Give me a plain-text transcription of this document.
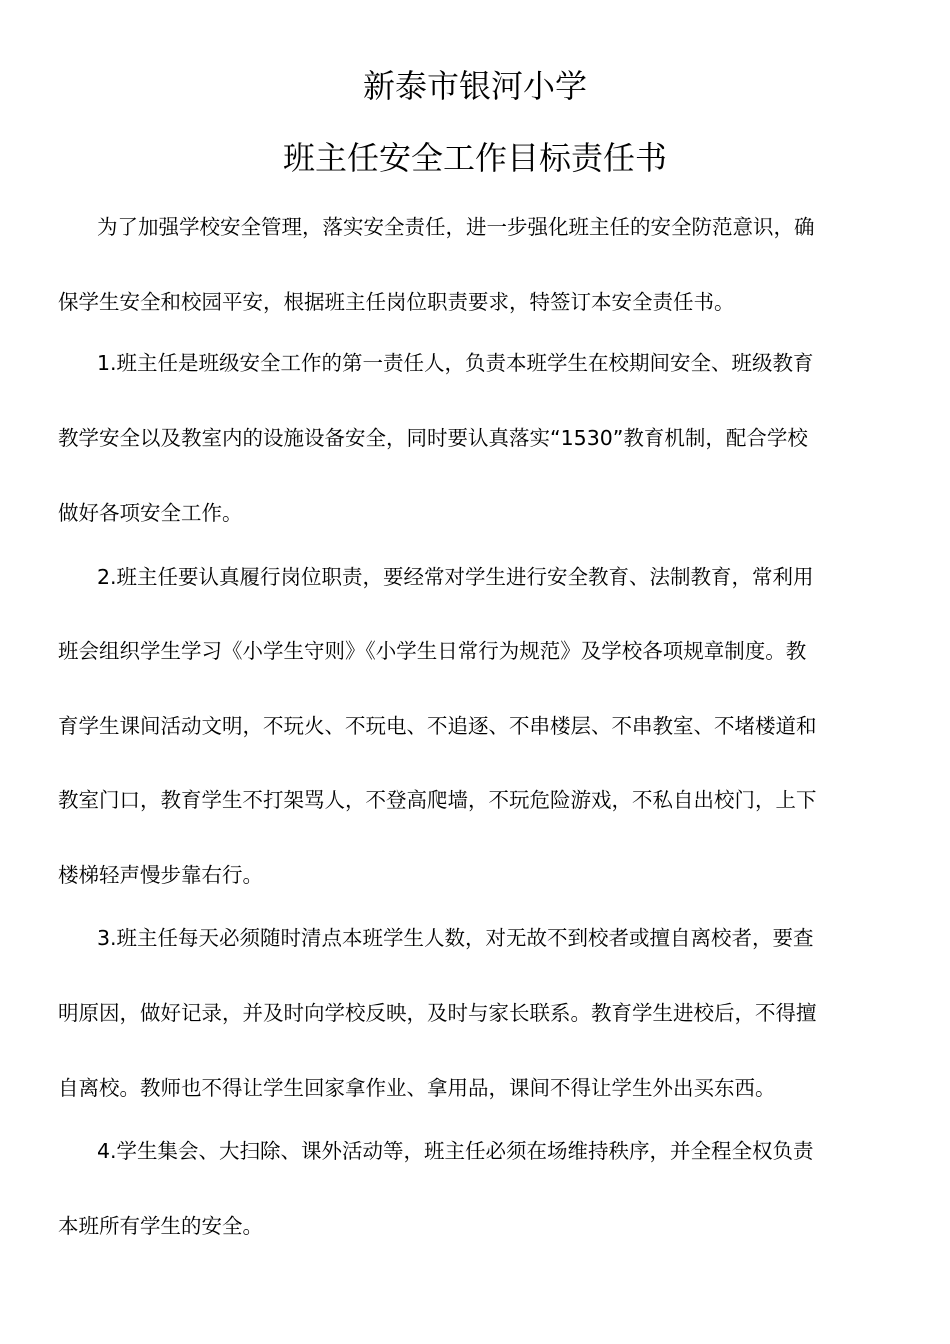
新泰市银河小学
班主任安全工作目标责任书
为了加强学校安全管理，落实安全责任，进一步强化班主任的安全防范意识，确
保学生安全和校园平安，根据班主任岗位职责要求，特签订本安全责任书。
1.班主任是班级安全工作的第一责任人，负责本班学生在校期间安全、班级教育
教学安全以及教室内的设施设备安全，同时要认真落实“1530”教育机制，配合学校
做好各项安全工作。
2.班主任要认真履行岗位职责，要经常对学生进行安全教育、法制教育，常利用
班会组织学生学习《小学生守则》《小学生日常行为规范》及学校各项规章制度。教
育学生课间活动文明，不玩火、不玩电、不追逐、不串楼层、不串教室、不堵楼道和
教室门口，教育学生不打架骂人，不登高爬墙，不玩危险游戏，不私自出校门，上下
楼梯轻声慢步靠右行。
3.班主任每天必须随时清点本班学生人数，对无故不到校者或擅自离校者，要查
明原因，做好记录，并及时向学校反映，及时与家长联系。教育学生进校后，不得擅
自离校。教师也不得让学生回家拿作业、拿用品，课间不得让学生外出买东西。
4.学生集会、大扫除、课外活动等，班主任必须在场维持秩序，并全程全权负责
本班所有学生的安全。
